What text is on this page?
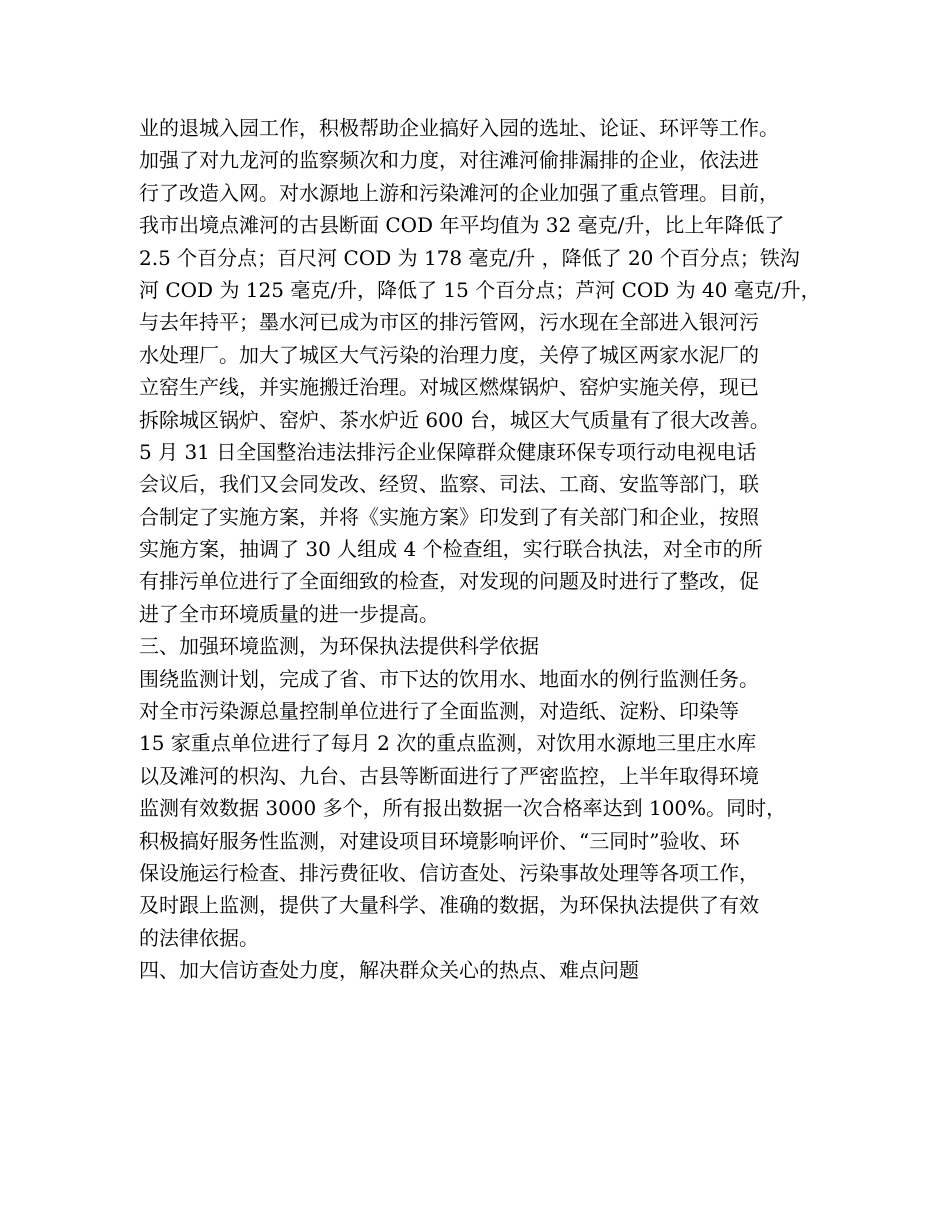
业的退城入园工作，积极帮助企业搞好入园的选址、论证、环评等工作。
加强了对九龙河的监察频次和力度，对往滩河偷排漏排的企业，依法进
行了改造入网。对水源地上游和污染滩河的企业加强了重点管理。目前，
我市出境点滩河的古县断面 COD 年平均值为 32 毫克/升，比上年降低了
2.5 个百分点；百尺河 COD 为 178 毫克/升 ，降低了 20 个百分点；铁沟
河 COD 为 125 毫克/升，降低了 15 个百分点；芦河 COD 为 40 毫克/升，
与去年持平；墨水河已成为市区的排污管网，污水现在全部进入银河污
水处理厂。加大了城区大气污染的治理力度，关停了城区两家水泥厂的
立窑生产线，并实施搬迁治理。对城区燃煤锅炉、窑炉实施关停，现已
拆除城区锅炉、窑炉、茶水炉近 600 台，城区大气质量有了很大改善。
5 月 31 日全国整治违法排污企业保障群众健康环保专项行动电视电话
会议后，我们又会同发改、经贸、监察、司法、工商、安监等部门，联
合制定了实施方案，并将《实施方案》印发到了有关部门和企业，按照
实施方案，抽调了 30 人组成 4 个检查组，实行联合执法，对全市的所
有排污单位进行了全面细致的检查，对发现的问题及时进行了整改，促
进了全市环境质量的进一步提高。
三、加强环境监测，为环保执法提供科学依据
围绕监测计划，完成了省、市下达的饮用水、地面水的例行监测任务。
对全市污染源总量控制单位进行了全面监测，对造纸、淀粉、印染等
15 家重点单位进行了每月 2 次的重点监测，对饮用水源地三里庄水库
以及滩河的枳沟、九台、古县等断面进行了严密监控，上半年取得环境
监测有效数据 3000 多个，所有报出数据一次合格率达到 100%。同时，
积极搞好服务性监测，对建设项目环境影响评价、“三同时”验收、环
保设施运行检查、排污费征收、信访查处、污染事故处理等各项工作，
及时跟上监测，提供了大量科学、准确的数据，为环保执法提供了有效
的法律依据。
四、加大信访查处力度，解决群众关心的热点、难点问题
